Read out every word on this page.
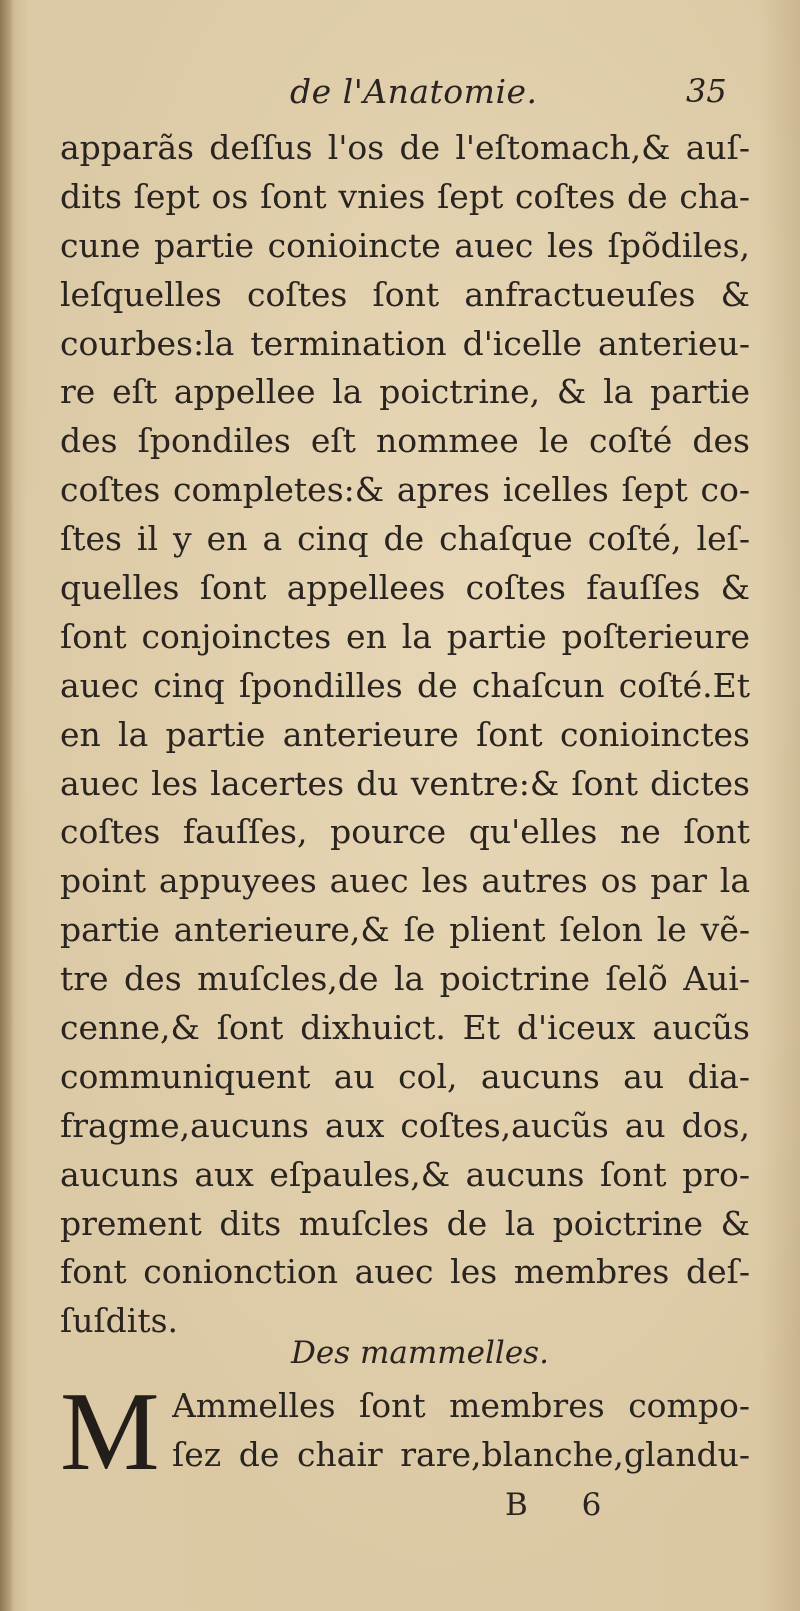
de l'Anatomie.	35
apparãs deſſus l'os de l'eſtomach,& auſ-
dits ſept os ſont vnies ſept coſtes de cha-
cune partie conioincte auec les ſpõdiles,
leſquelles coſtes ſont anfractueuſes &
courbes:la termination d'icelle anterieu-
re eſt appellee la poictrine, & la partie
des ſpondiles eſt nommee le coſté des
coſtes completes:& apres icelles ſept co-
ſtes il y en a cinq de chaſque coſté, leſ-
quelles ſont appellees coſtes fauſſes &
ſont conjoinctes en la partie poſterieure
auec cinq ſpondilles de chaſcun coſté.Et
en la partie anterieure ſont conioinctes
auec les lacertes du ventre:& ſont dictes
coſtes fauſſes, pource qu'elles ne ſont
point appuyees auec les autres os par la
partie anterieure,& ſe plient ſelon le vẽ-
tre des muſcles,de la poictrine ſelõ Aui-
cenne,& ſont dixhuict. Et d'iceux aucũs
communiquent au col, aucuns au dia-
fragme,aucuns aux coſtes,aucũs au dos,
aucuns aux eſpaules,& aucuns ſont pro-
prement dits muſcles de la poictrine &
font conionction auec les membres deſ-
ſuſdits.
Des mammelles.
M Ammelles ſont membres compo-
ſez de chair rare,blanche,glandu-
B 6
